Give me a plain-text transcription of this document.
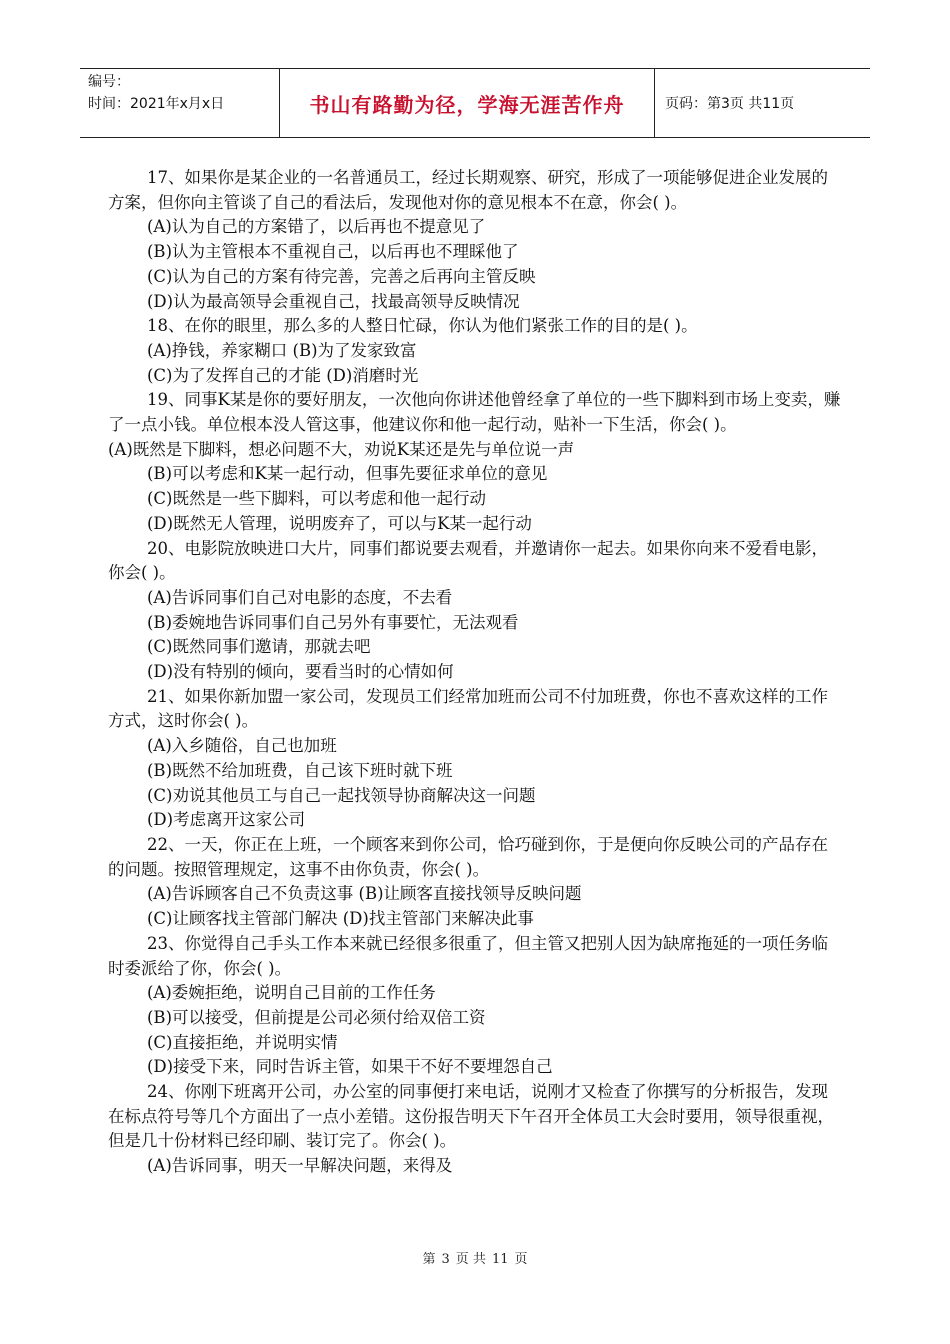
编号：
时间：2021年x月x日	书山有路勤为径，学海无涯苦作舟	页码：第3页 共11页

17、如果你是某企业的一名普通员工，经过长期观察、研究，形成了一项能够促进企业发展的方案，但你向主管谈了自己的看法后，发现他对你的意见根本不在意，你会( )。

(A)认为自己的方案错了，以后再也不提意见了

(B)认为主管根本不重视自己，以后再也不理睬他了

(C)认为自己的方案有待完善，完善之后再向主管反映

(D)认为最高领导会重视自己，找最高领导反映情况

18、在你的眼里，那么多的人整日忙碌，你认为他们紧张工作的目的是( )。

(A)挣钱，养家糊口 (B)为了发家致富

(C)为了发挥自己的才能 (D)消磨时光

19、同事K某是你的要好朋友，一次他向你讲述他曾经拿了单位的一些下脚料到市场上变卖，赚了一点小钱。单位根本没人管这事，他建议你和他一起行动，贴补一下生活，你会( )。

(A)既然是下脚料，想必问题不大，劝说K某还是先与单位说一声

(B)可以考虑和K某一起行动，但事先要征求单位的意见

(C)既然是一些下脚料，可以考虑和他一起行动

(D)既然无人管理，说明废弃了，可以与K某一起行动

20、电影院放映进口大片，同事们都说要去观看，并邀请你一起去。如果你向来不爱看电影，你会( )。

(A)告诉同事们自己对电影的态度，不去看

(B)委婉地告诉同事们自己另外有事要忙，无法观看

(C)既然同事们邀请，那就去吧

(D)没有特别的倾向，要看当时的心情如何

21、如果你新加盟一家公司，发现员工们经常加班而公司不付加班费，你也不喜欢这样的工作方式，这时你会( )。

(A)入乡随俗，自己也加班

(B)既然不给加班费，自己该下班时就下班

(C)劝说其他员工与自己一起找领导协商解决这一问题

(D)考虑离开这家公司

22、一天，你正在上班，一个顾客来到你公司，恰巧碰到你，于是便向你反映公司的产品存在的问题。按照管理规定，这事不由你负责，你会( )。

(A)告诉顾客自己不负责这事 (B)让顾客直接找领导反映问题

(C)让顾客找主管部门解决 (D)找主管部门来解决此事

23、你觉得自己手头工作本来就已经很多很重了，但主管又把别人因为缺席拖延的一项任务临时委派给了你，你会( )。

(A)委婉拒绝，说明自己目前的工作任务

(B)可以接受，但前提是公司必须付给双倍工资

(C)直接拒绝，并说明实情

(D)接受下来，同时告诉主管，如果干不好不要埋怨自己

24、你刚下班离开公司，办公室的同事便打来电话，说刚才又检查了你撰写的分析报告，发现在标点符号等几个方面出了一点小差错。这份报告明天下午召开全体员工大会时要用，领导很重视，但是几十份材料已经印刷、装订完了。你会( )。

(A)告诉同事，明天一早解决问题，来得及

第 3 页 共 11 页
